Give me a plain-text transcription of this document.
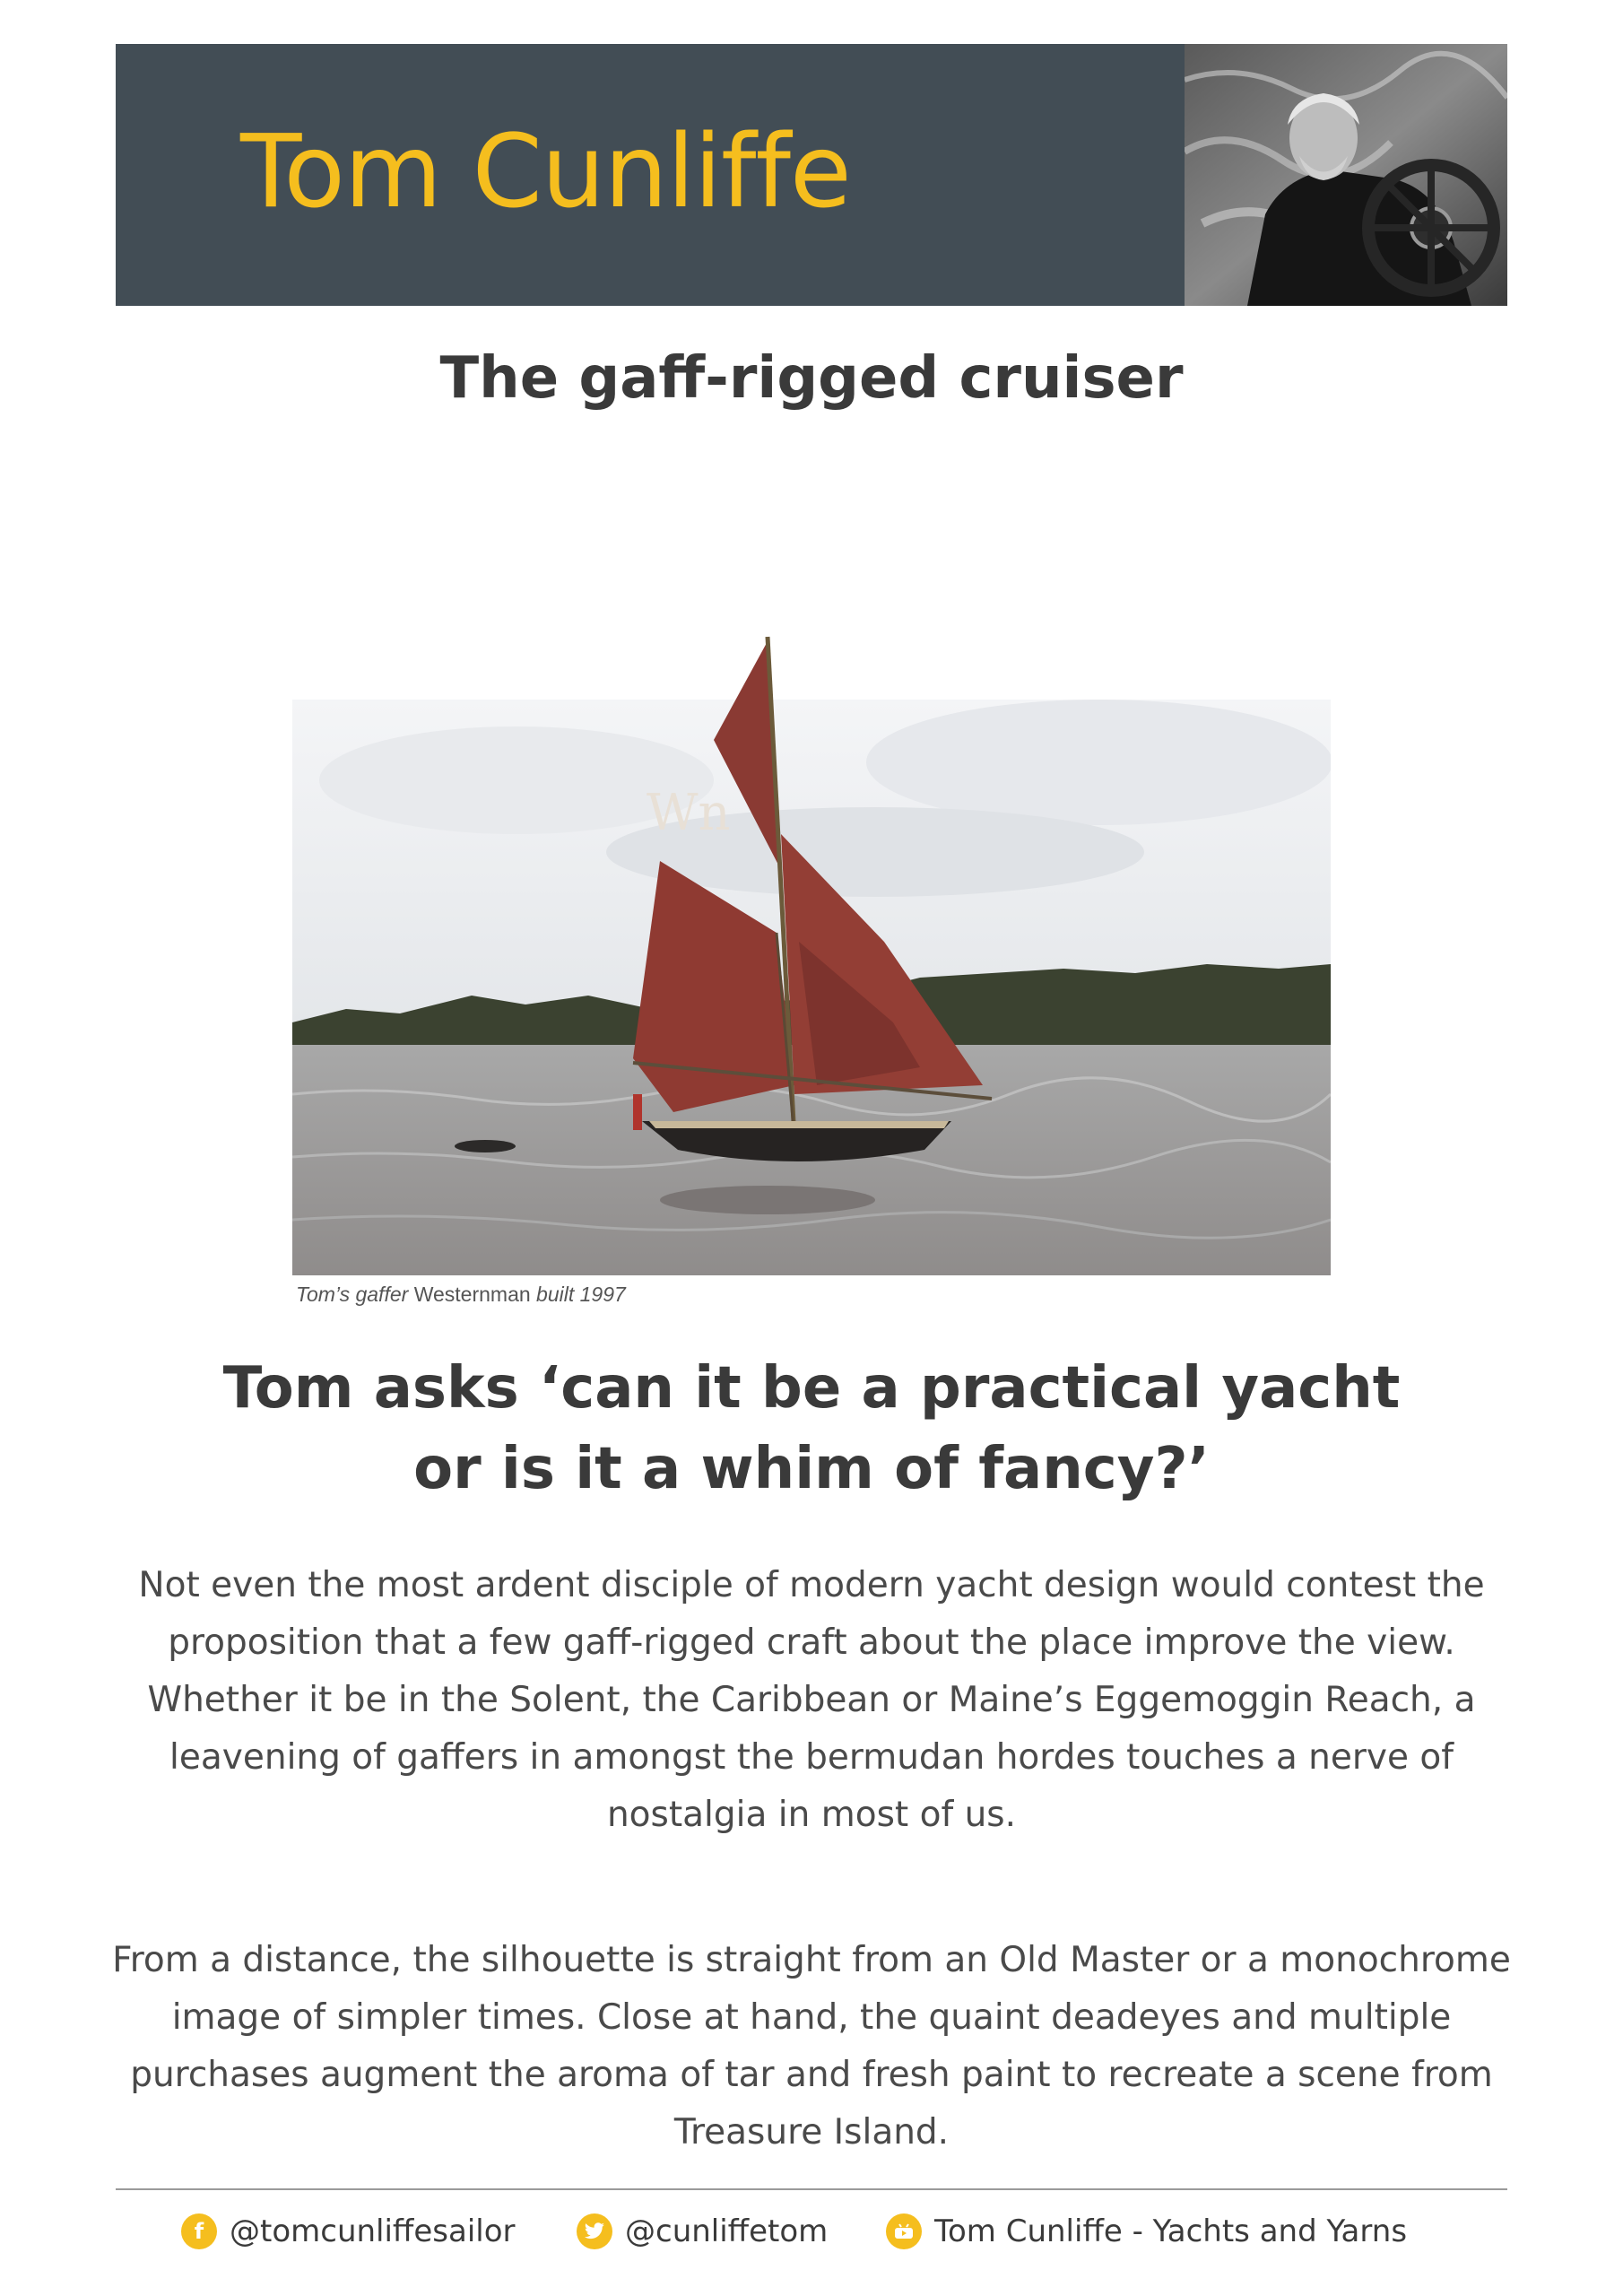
Tom Cunliffe
The gaff-rigged cruiser
Wn
Tom’s gaffer Westernman built 1997
Tom asks ‘can it be a practical yacht
or is it a whim of fancy?’

Not even the most ardent disciple of modern yacht design would contest the proposition that a few gaff-rigged craft about the place improve the view. Whether it be in the Solent, the Caribbean or Maine’s Eggemoggin Reach, a leavening of gaffers in amongst the bermudan hordes touches a nerve of nostalgia in most of us.

From a distance, the silhouette is straight from an Old Master or a monochrome image of simpler times. Close at hand, the quaint deadeyes and multiple purchases augment the aroma of tar and fresh paint to recreate a scene from Treasure Island.

f @tomcunliffesailor	@cunliffetom	Tom Cunliffe - Yachts and Yarns
